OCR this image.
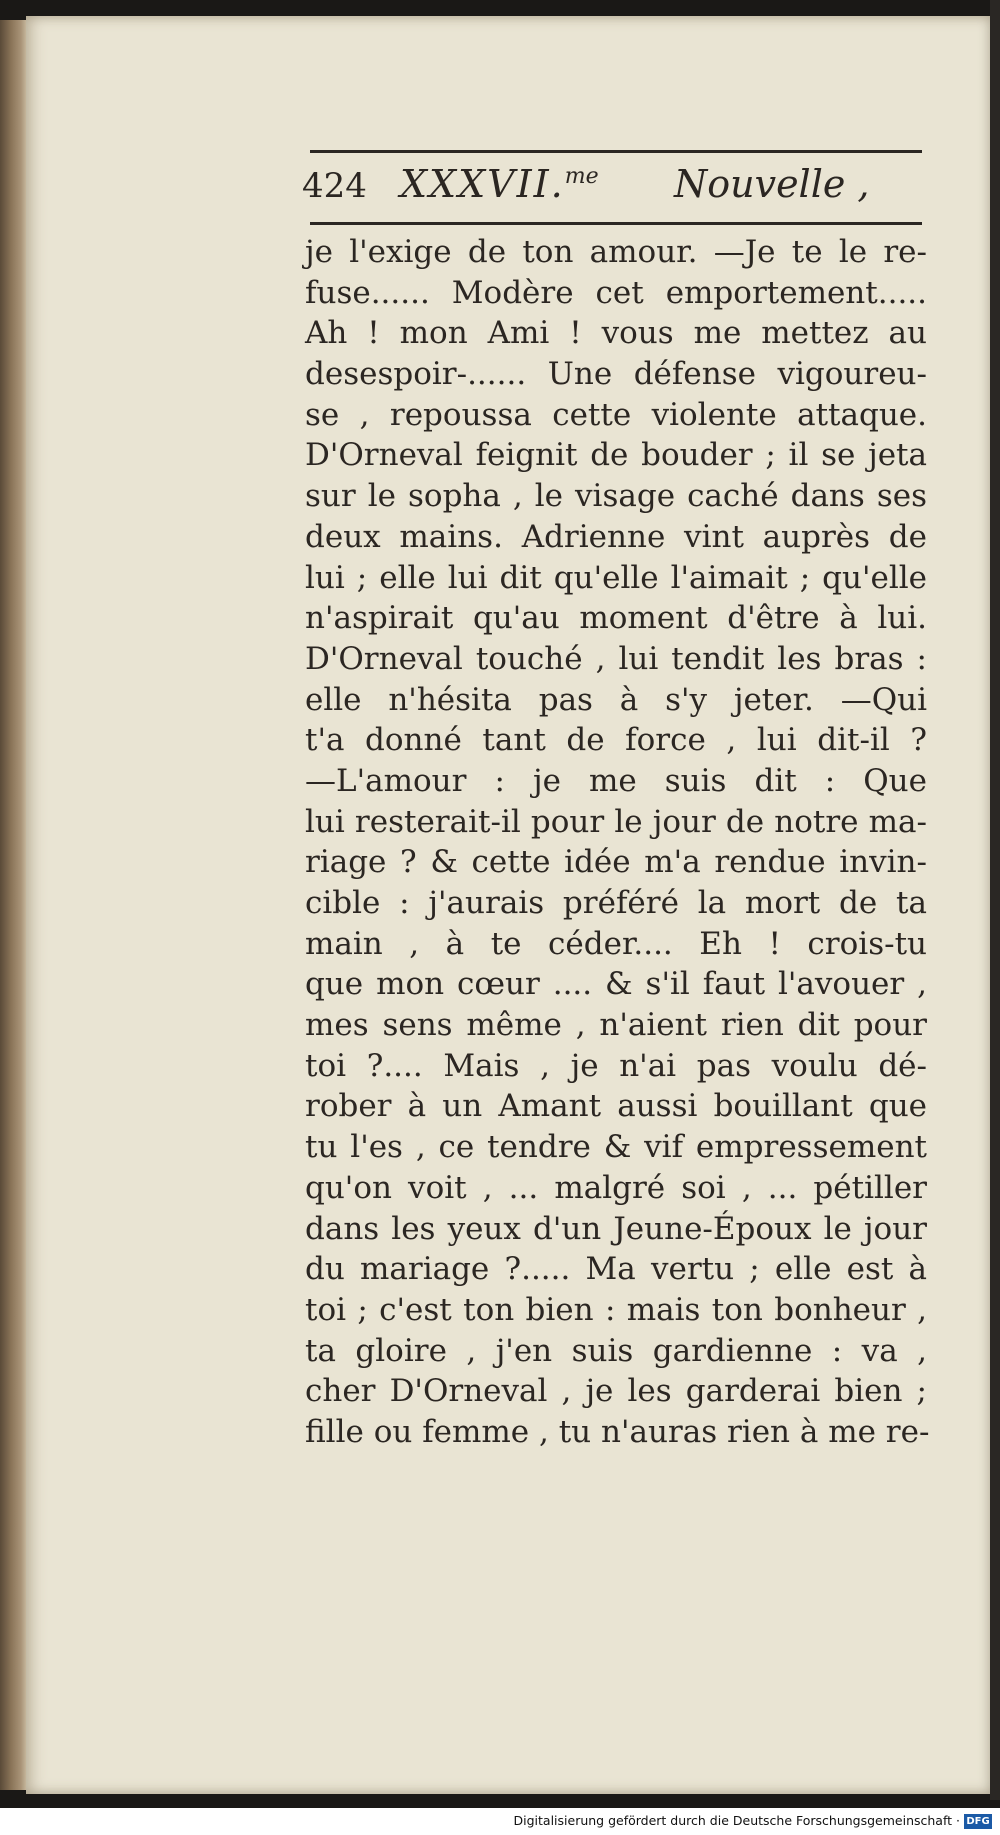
424 XXXVII.$^{me}$ Nouvelle ,
je l'exige de ton amour. —Je te le re-
fuse...... Modère cet emportement.....
Ah ! mon Ami ! vous me mettez au
desespoir-...... Une défense vigoureu-
se , repoussa cette violente attaque.
D'Orneval feignit de bouder ; il se jeta
sur le sopha , le visage caché dans ses
deux mains. Adrienne vint auprès de
lui ; elle lui dit qu'elle l'aimait ; qu'elle
n'aspirait qu'au moment d'être à lui.
D'Orneval touché , lui tendit les bras :
elle n'hésita pas à s'y jeter. —Qui
t'a donné tant de force , lui dit-il ?
—L'amour : je me suis dit : Que
lui resterait-il pour le jour de notre ma-
riage ? & cette idée m'a rendue invin-
cible : j'aurais préféré la mort de ta
main , à te céder.... Eh ! crois-tu
que mon cœur .... & s'il faut l'avouer ,
mes sens même , n'aient rien dit pour
toi ?.... Mais , je n'ai pas voulu dé-
rober à un Amant aussi bouillant que
tu l'es , ce tendre & vif empressement
qu'on voit , ... malgré soi , ... pétiller
dans les yeux d'un Jeune-Époux le jour
du mariage ?..... Ma vertu ; elle est à
toi ; c'est ton bien : mais ton bonheur ,
ta gloire , j'en suis gardienne : va ,
cher D'Orneval , je les garderai bien ;
fille ou femme , tu n'auras rien à me re-
Digitalisierung gefördert durch die Deutsche Forschungsgemeinschaft · DFG
